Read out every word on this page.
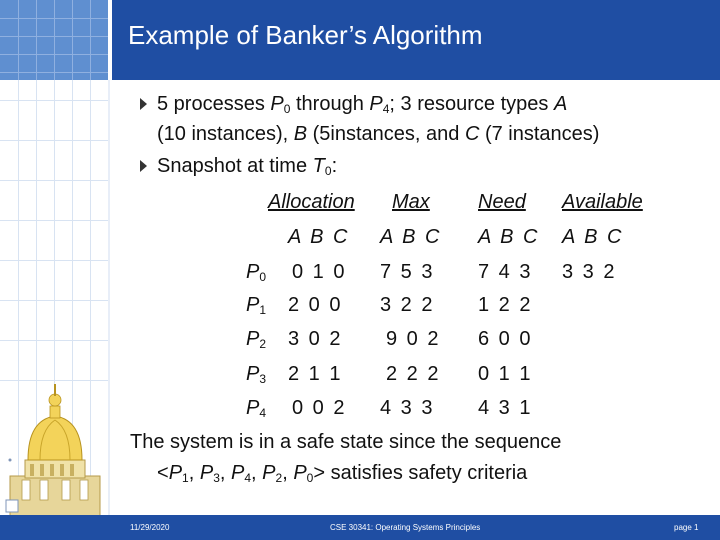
Example of Banker’s Algorithm
5 processes $P_0$ through $P_4$; 3 resource types A
(10 instances), B (5instances, and C (7 instances)
Snapshot at time $T_0$:
Allocation Max Need Available
A B C A B C A B C A B C
$P_0$ 0 1 0 7 5 3 7 4 3 3 3 2
$P_1$ 2 0 0 3 2 2 1 2 2
$P_2$ 3 0 2 9 0 2 6 0 0
$P_3$ 2 1 1 2 2 2 0 1 1
$P_4$ 0 0 2 4 3 3 4 3 1
The system is in a safe state since the sequence
$<P_1$, $P_3$, $P_4$, $P_2$, $P_0>$ satisfies safety criteria
11/29/2020	CSE 30341: Operating Systems Principles	page 1
